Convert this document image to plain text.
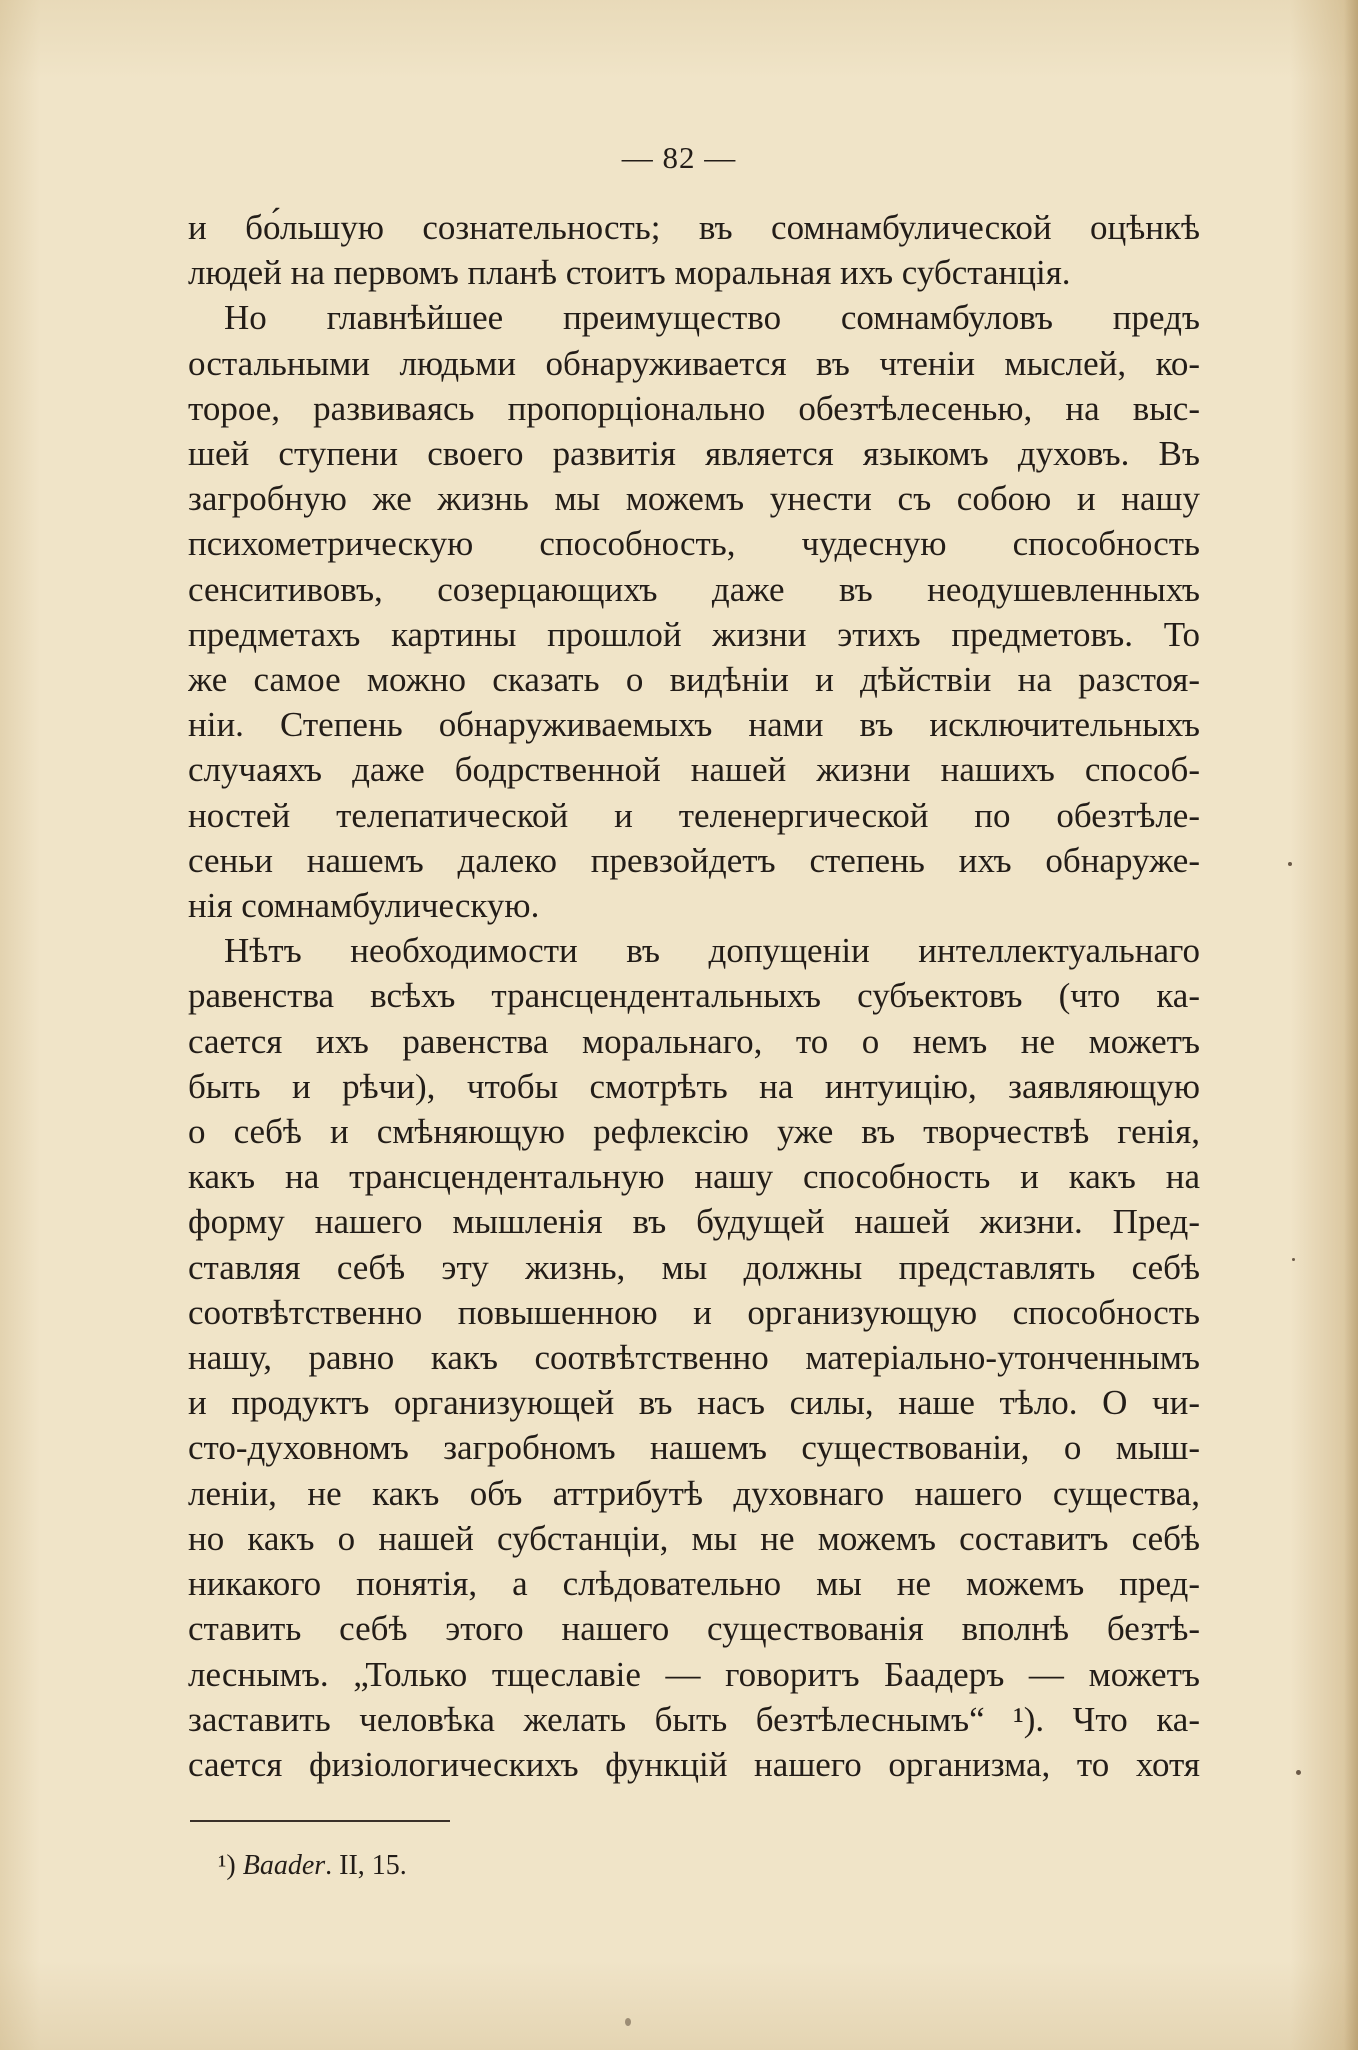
— 82 —
и бо́льшую сознательность; въ сомнамбулической оцѣнкѣ
людей на первомъ планѣ стоитъ моральная ихъ субстанція.
Но главнѣйшее преимущество сомнамбуловъ предъ
остальными людьми обнаруживается въ чтеніи мыслей, ко-
торое, развиваясь пропорціонально обезтѣлесенью, на выс-
шей ступени своего развитія является языкомъ духовъ. Въ
загробную же жизнь мы можемъ унести съ собою и нашу
психометрическую способность, чудесную способность
сенситивовъ, созерцающихъ даже въ неодушевленныхъ
предметахъ картины прошлой жизни этихъ предметовъ. То
же самое можно сказать о видѣніи и дѣйствіи на разстоя-
ніи. Степень обнаруживаемыхъ нами въ исключительныхъ
случаяхъ даже бодрственной нашей жизни нашихъ способ-
ностей телепатической и теленергической по обезтѣле-
сеньи нашемъ далеко превзойдетъ степень ихъ обнаруже-
нія сомнамбулическую.
Нѣтъ необходимости въ допущеніи интеллектуальнаго
равенства всѣхъ трансцендентальныхъ субъектовъ (что ка-
сается ихъ равенства моральнаго, то о немъ не можетъ
быть и рѣчи), чтобы смотрѣть на интуицію, заявляющую
о себѣ и смѣняющую рефлексію уже въ творчествѣ генія,
какъ на трансцендентальную нашу способность и какъ на
форму нашего мышленія въ будущей нашей жизни. Пред-
ставляя себѣ эту жизнь, мы должны представлять себѣ
соотвѣтственно повышенною и организующую способность
нашу, равно какъ соотвѣтственно матеріально-утонченнымъ
и продуктъ организующей въ насъ силы, наше тѣло. О чи-
сто-духовномъ загробномъ нашемъ существованіи, о мыш-
леніи, не какъ объ аттрибутѣ духовнаго нашего существа,
но какъ о нашей субстанціи, мы не можемъ составитъ себѣ
никакого понятія, а слѣдовательно мы не можемъ пред-
ставить себѣ этого нашего существованія вполнѣ безтѣ-
леснымъ. „Только тщеславіе — говоритъ Баадеръ — можетъ
заставить человѣка желать быть безтѣлеснымъ“ ¹). Что ка-
сается физіологическихъ функцій нашего организма, то хотя
¹) Baader. II, 15.
